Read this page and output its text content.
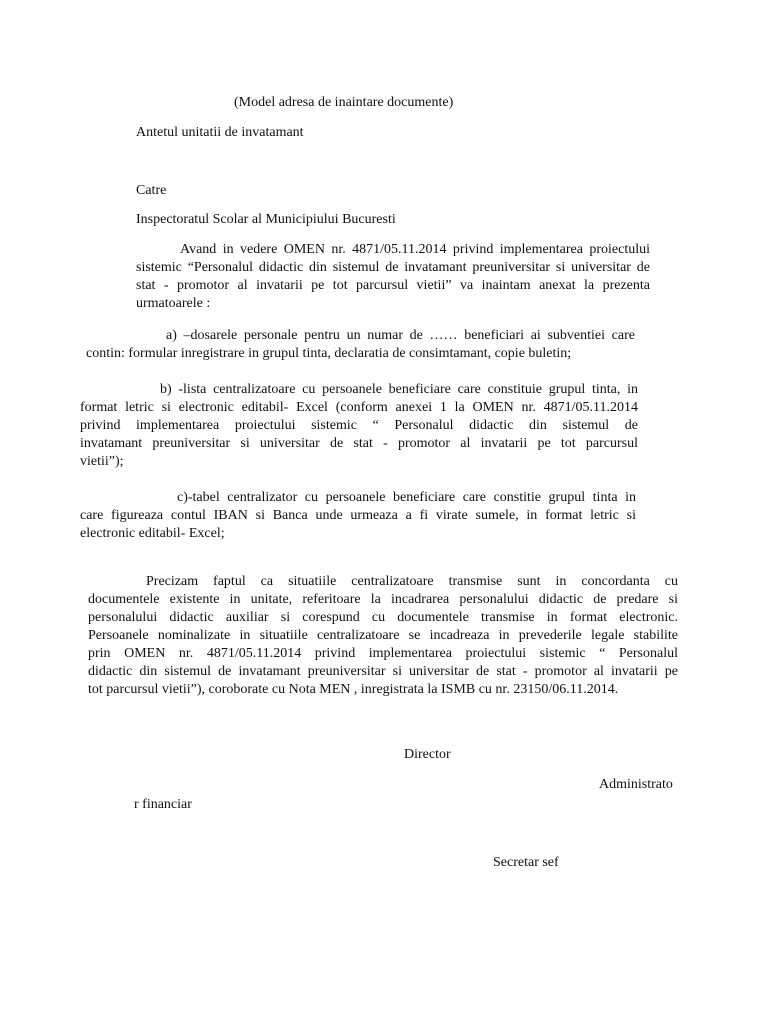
(Model adresa de inaintare documente)
Antetul unitatii de invatamant
Catre
Inspectoratul Scolar al Municipiului Bucuresti
Avand in vedere OMEN nr. 4871/05.11.2014 privind implementarea proiectului
sistemic “Personalul didactic din sistemul de invatamant preuniversitar si universitar de
stat - promotor al invatarii pe tot parcursul vietii” va inaintam anexat la prezenta
urmatoarele :
a) –dosarele personale pentru un numar de …… beneficiari ai subventiei care
contin: formular inregistrare in grupul tinta, declaratia de consimtamant, copie buletin;
b) -lista centralizatoare cu persoanele beneficiare care constituie grupul tinta, in
format letric si electronic editabil- Excel (conform anexei 1 la OMEN nr. 4871/05.11.2014
privind implementarea proiectului sistemic “ Personalul didactic din sistemul de
invatamant preuniversitar si universitar de stat - promotor al invatarii pe tot parcursul
vietii”);
c)-tabel centralizator cu persoanele beneficiare care constitie grupul tinta in
care figureaza contul IBAN si Banca unde urmeaza a fi virate sumele, in format letric si
electronic editabil- Excel;
Precizam faptul ca situatiile centralizatoare transmise sunt in concordanta cu
documentele existente in unitate, referitoare la incadrarea personalului didactic de predare si
personalului didactic auxiliar si corespund cu documentele transmise in format electronic.
Persoanele nominalizate in situatiile centralizatoare se incadreaza in prevederile legale stabilite
prin OMEN nr. 4871/05.11.2014 privind implementarea proiectului sistemic “ Personalul
didactic din sistemul de invatamant preuniversitar si universitar de stat - promotor al invatarii pe
tot parcursul vietii”), coroborate cu Nota MEN , inregistrata la ISMB cu nr. 23150/06.11.2014.
Director
Administrato
r financiar
Secretar sef
